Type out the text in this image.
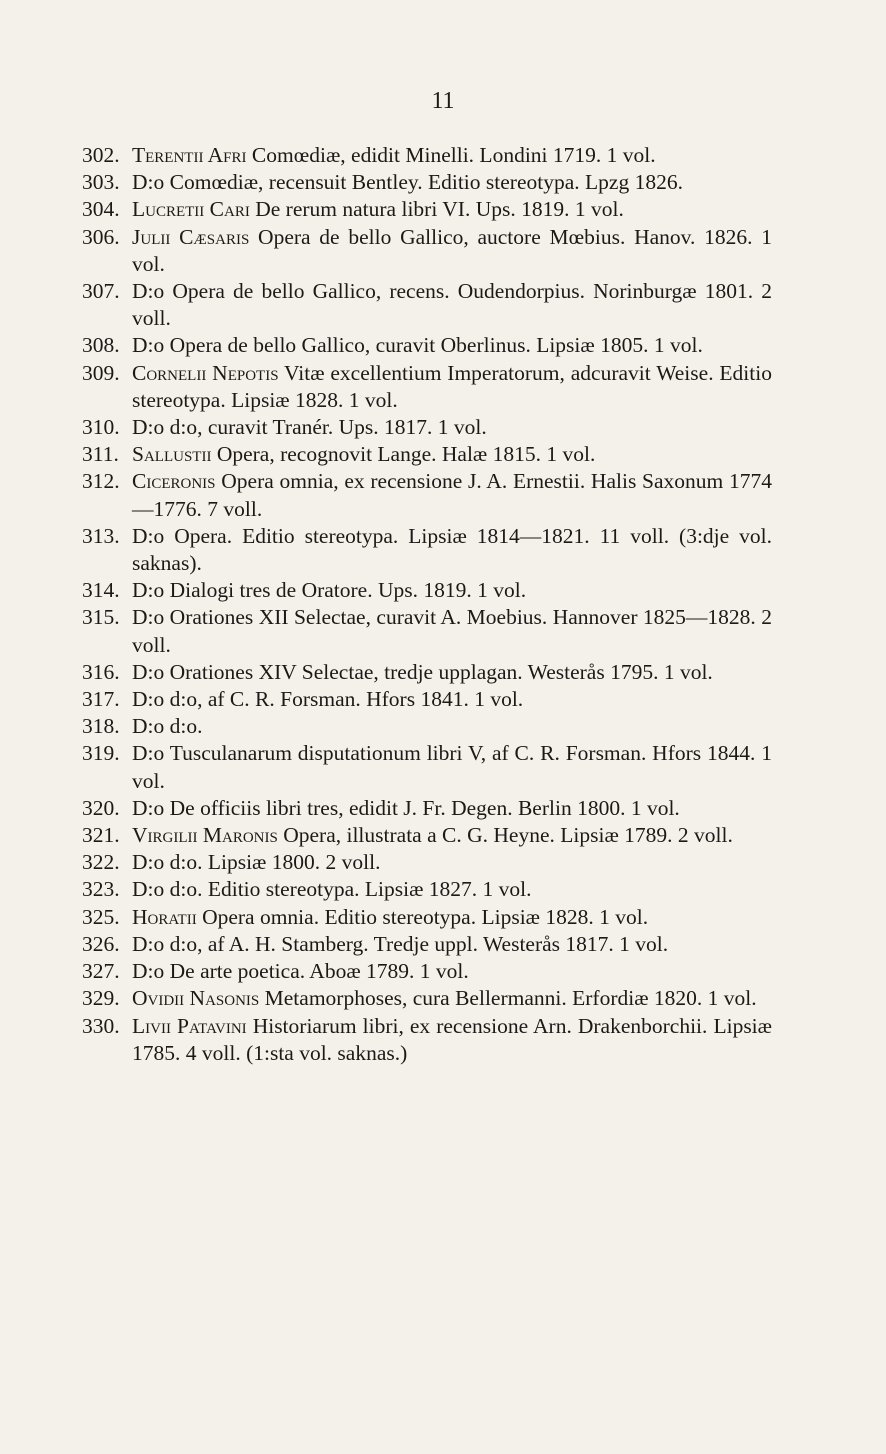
11
302. Terentii Afri Comœdiæ, edidit Minelli. Londini 1719. 1 vol.
303. D:o Comœdiæ, recensuit Bentley. Editio stereotypa. Lpzg 1826.
304. Lucretii Cari De rerum natura libri VI. Ups. 1819. 1 vol.
306. Julii Cæsaris Opera de bello Gallico, auctore Mœbius. Hanov. 1826. 1 vol.
307. D:o Opera de bello Gallico, recens. Oudendorpius. Norinburgæ 1801. 2 voll.
308. D:o Opera de bello Gallico, curavit Oberlinus. Lipsiæ 1805. 1 vol.
309. Cornelii Nepotis Vitæ excellentium Imperatorum, adcuravit Weise. Editio stereotypa. Lipsiæ 1828. 1 vol.
310. D:o d:o, curavit Tranér. Ups. 1817. 1 vol.
311. Sallustii Opera, recognovit Lange. Halæ 1815. 1 vol.
312. Ciceronis Opera omnia, ex recensione J. A. Ernestii. Halis Saxonum 1774—1776. 7 voll.
313. D:o Opera. Editio stereotypa. Lipsiæ 1814—1821. 11 voll. (3:dje vol. saknas).
314. D:o Dialogi tres de Oratore. Ups. 1819. 1 vol.
315. D:o Orationes XII Selectae, curavit A. Moebius. Hannover 1825—1828. 2 voll.
316. D:o Orationes XIV Selectae, tredje upplagan. Westerås 1795. 1 vol.
317. D:o d:o, af C. R. Forsman. Hfors 1841. 1 vol.
318. D:o d:o.
319. D:o Tusculanarum disputationum libri V, af C. R. Forsman. Hfors 1844. 1 vol.
320. D:o De officiis libri tres, edidit J. Fr. Degen. Berlin 1800. 1 vol.
321. Virgilii Maronis Opera, illustrata a C. G. Heyne. Lipsiæ 1789. 2 voll.
322. D:o d:o. Lipsiæ 1800. 2 voll.
323. D:o d:o. Editio stereotypa. Lipsiæ 1827. 1 vol.
325. Horatii Opera omnia. Editio stereotypa. Lipsiæ 1828. 1 vol.
326. D:o d:o, af A. H. Stamberg. Tredje uppl. Westerås 1817. 1 vol.
327. D:o De arte poetica. Aboæ 1789. 1 vol.
329. Ovidii Nasonis Metamorphoses, cura Bellermanni. Erfordiæ 1820. 1 vol.
330. Livii Patavini Historiarum libri, ex recensione Arn. Drakenborchii. Lipsiæ 1785. 4 voll. (1:sta vol. saknas.)
